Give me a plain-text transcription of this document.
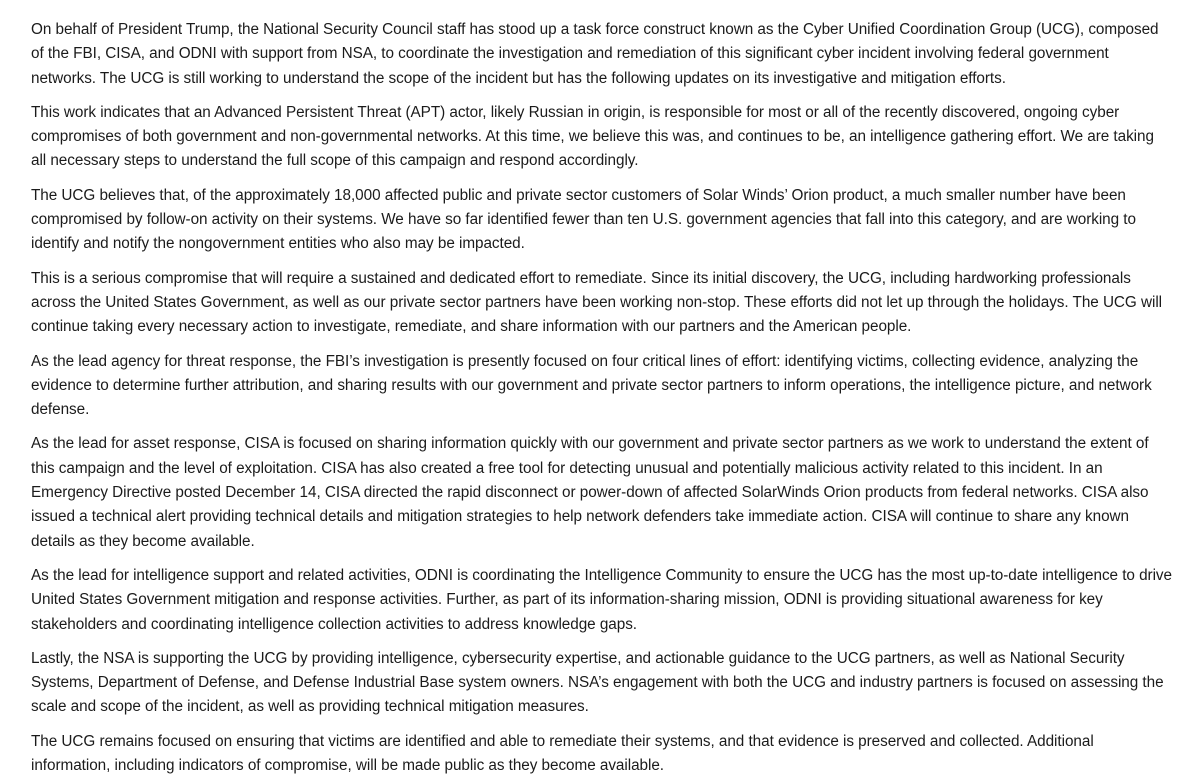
On behalf of President Trump, the National Security Council staff has stood up a task force construct known as the Cyber Unified Coordination Group (UCG), composed of the FBI, CISA, and ODNI with support from NSA, to coordinate the investigation and remediation of this significant cyber incident involving federal government networks. The UCG is still working to understand the scope of the incident but has the following updates on its investigative and mitigation efforts.

This work indicates that an Advanced Persistent Threat (APT) actor, likely Russian in origin, is responsible for most or all of the recently discovered, ongoing cyber compromises of both government and non-governmental networks. At this time, we believe this was, and continues to be, an intelligence gathering effort. We are taking all necessary steps to understand the full scope of this campaign and respond accordingly.

The UCG believes that, of the approximately 18,000 affected public and private sector customers of Solar Winds’ Orion product, a much smaller number have been compromised by follow-on activity on their systems. We have so far identified fewer than ten U.S. government agencies that fall into this category, and are working to identify and notify the nongovernment entities who also may be impacted.

This is a serious compromise that will require a sustained and dedicated effort to remediate. Since its initial discovery, the UCG, including hardworking professionals across the United States Government, as well as our private sector partners have been working non-stop. These efforts did not let up through the holidays. The UCG will continue taking every necessary action to investigate, remediate, and share information with our partners and the American people.

As the lead agency for threat response, the FBI’s investigation is presently focused on four critical lines of effort: identifying victims, collecting evidence, analyzing the evidence to determine further attribution, and sharing results with our government and private sector partners to inform operations, the intelligence picture, and network defense.

As the lead for asset response, CISA is focused on sharing information quickly with our government and private sector partners as we work to understand the extent of this campaign and the level of exploitation. CISA has also created a free tool for detecting unusual and potentially malicious activity related to this incident. In an Emergency Directive posted December 14, CISA directed the rapid disconnect or power-down of affected SolarWinds Orion products from federal networks. CISA also issued a technical alert providing technical details and mitigation strategies to help network defenders take immediate action. CISA will continue to share any known details as they become available.

As the lead for intelligence support and related activities, ODNI is coordinating the Intelligence Community to ensure the UCG has the most up-to-date intelligence to drive United States Government mitigation and response activities. Further, as part of its information-sharing mission, ODNI is providing situational awareness for key stakeholders and coordinating intelligence collection activities to address knowledge gaps.

Lastly, the NSA is supporting the UCG by providing intelligence, cybersecurity expertise, and actionable guidance to the UCG partners, as well as National Security Systems, Department of Defense, and Defense Industrial Base system owners. NSA’s engagement with both the UCG and industry partners is focused on assessing the scale and scope of the incident, as well as providing technical mitigation measures.

The UCG remains focused on ensuring that victims are identified and able to remediate their systems, and that evidence is preserved and collected. Additional information, including indicators of compromise, will be made public as they become available.
